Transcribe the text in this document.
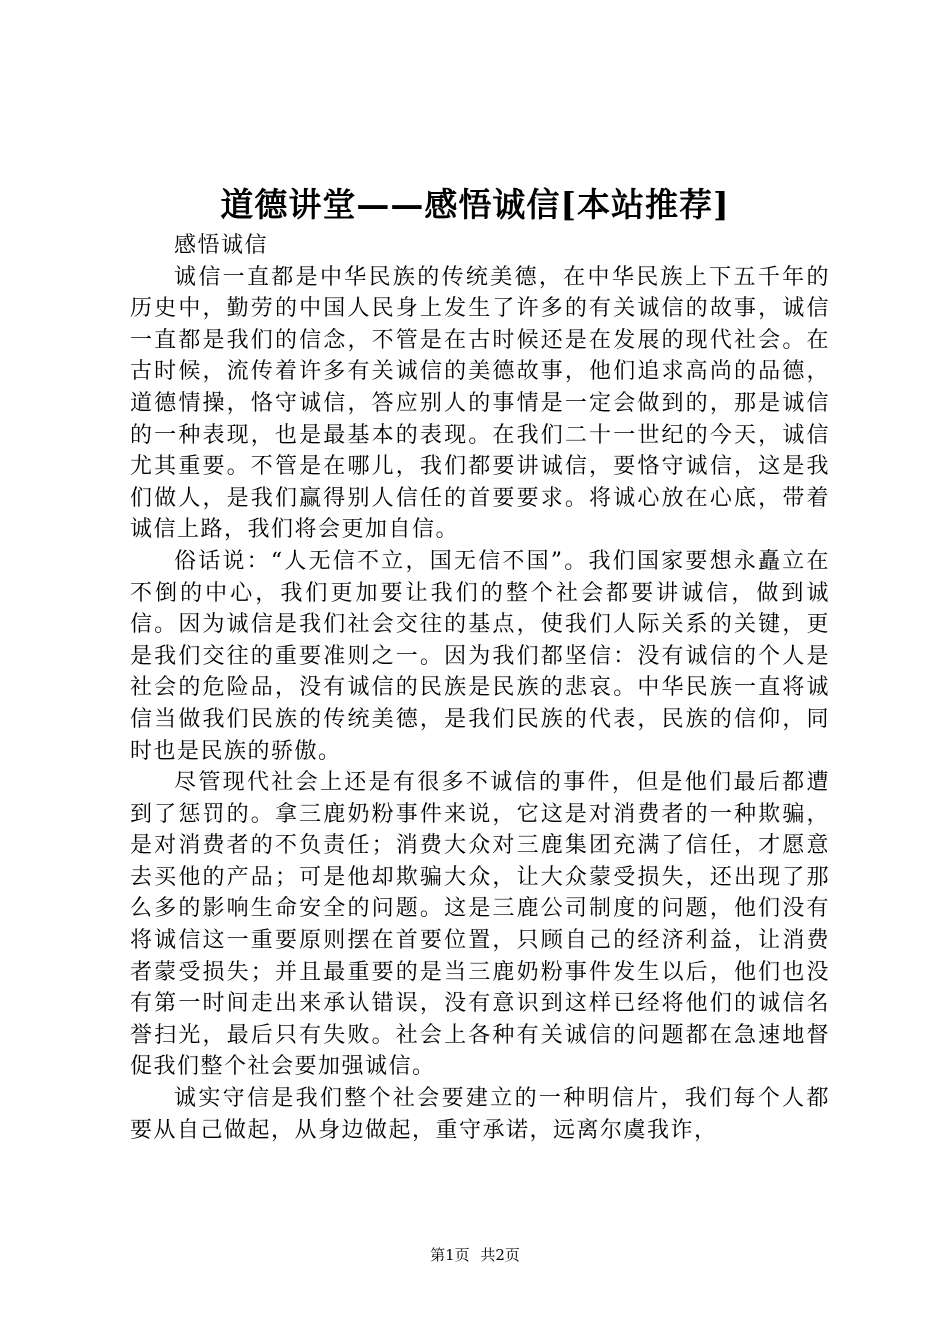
道德讲堂——感悟诚信[本站推荐]

感悟诚信

诚信一直都是中华民族的传统美德，在中华民族上下五千年的历史中，勤劳的中国人民身上发生了许多的有关诚信的故事，诚信一直都是我们的信念，不管是在古时候还是在发展的现代社会。在古时候，流传着许多有关诚信的美德故事，他们追求高尚的品德，道德情操，恪守诚信，答应别人的事情是一定会做到的，那是诚信的一种表现，也是最基本的表现。在我们二十一世纪的今天，诚信尤其重要。不管是在哪儿，我们都要讲诚信，要恪守诚信，这是我们做人，是我们赢得别人信任的首要要求。将诚心放在心底，带着诚信上路，我们将会更加自信。

俗话说：“人无信不立，国无信不国”。我们国家要想永矗立在不倒的中心，我们更加要让我们的整个社会都要讲诚信，做到诚信。因为诚信是我们社会交往的基点，使我们人际关系的关键，更是我们交往的重要准则之一。因为我们都坚信：没有诚信的个人是社会的危险品，没有诚信的民族是民族的悲哀。中华民族一直将诚信当做我们民族的传统美德，是我们民族的代表，民族的信仰，同时也是民族的骄傲。

尽管现代社会上还是有很多不诚信的事件，但是他们最后都遭到了惩罚的。拿三鹿奶粉事件来说，它这是对消费者的一种欺骗，是对消费者的不负责任；消费大众对三鹿集团充满了信任，才愿意去买他的产品；可是他却欺骗大众，让大众蒙受损失，还出现了那么多的影响生命安全的问题。这是三鹿公司制度的问题，他们没有将诚信这一重要原则摆在首要位置，只顾自己的经济利益，让消费者蒙受损失；并且最重要的是当三鹿奶粉事件发生以后，他们也没有第一时间走出来承认错误，没有意识到这样已经将他们的诚信名誉扫光，最后只有失败。社会上各种有关诚信的问题都在急速地督促我们整个社会要加强诚信。

诚实守信是我们整个社会要建立的一种明信片，我们每个人都要从自己做起，从身边做起，重守承诺，远离尔虞我诈，

第1页 共2页
